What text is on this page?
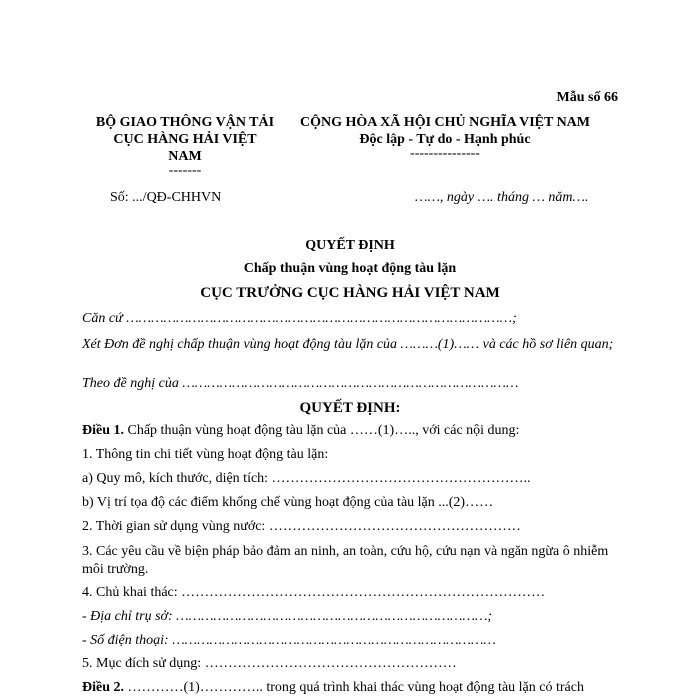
Mẫu số 66
BỘ GIAO THÔNG VẬN TẢI
CỤC HÀNG HẢI VIỆT
NAM
-------
Số: .../QĐ-CHHVN
CỘNG HÒA XÃ HỘI CHỦ NGHĨA VIỆT NAM
Độc lập - Tự do - Hạnh phúc
---------------
……, ngày …. tháng … năm….
QUYẾT ĐỊNH
Chấp thuận vùng hoạt động tàu lặn
CỤC TRƯỞNG CỤC HÀNG HẢI VIỆT NAM
Căn cứ …………………………………………………………………………………;
Xét Đơn đề nghị chấp thuận vùng hoạt động tàu lặn của ………(1)…… và các hồ sơ liên quan;
Theo đề nghị của ………………………………………………………………………
QUYẾT ĐỊNH:
Điều 1. Chấp thuận vùng hoạt động tàu lặn của ……(1)….., với các nội dung:
1. Thông tin chi tiết vùng hoạt động tàu lặn:
a) Quy mô, kích thước, diện tích: ………………………………………………..
b) Vị trí tọa độ các điểm khống chế vùng hoạt động của tàu lặn ...(2)……
2. Thời gian sử dụng vùng nước: ………………………………………………
3. Các yêu cầu về biện pháp bảo đảm an ninh, an toàn, cứu hộ, cứu nạn và ngăn ngừa ô nhiễm môi trường.
4. Chủ khai thác: ……………………………………………………………………
- Địa chỉ trụ sở: …………………………………………………………………;
- Số điện thoại: ……………………………………………………………………
5. Mục đích sử dụng: ………………………………………………
Điều 2. …………(1)………….. trong quá trình khai thác vùng hoạt động tàu lặn có trách
